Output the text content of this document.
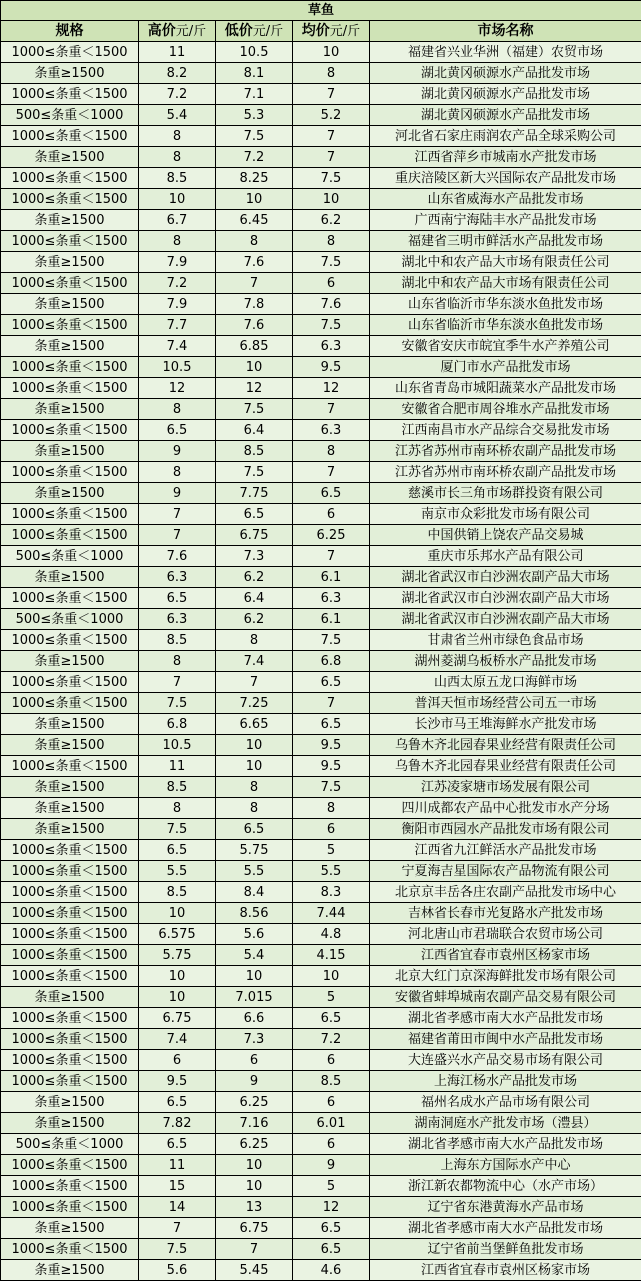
草鱼				
规格	高价元/斤	低价元/斤	均价元/斤	市场名称
1000≤条重＜1500	11	10.5	10	福建省兴业华洲（福建）农贸市场
条重≥1500	8.2	8.1	8	湖北黄冈硕源水产品批发市场
1000≤条重＜1500	7.2	7.1	7	湖北黄冈硕源水产品批发市场
500≤条重＜1000	5.4	5.3	5.2	湖北黄冈硕源水产品批发市场
1000≤条重＜1500	8	7.5	7	河北省石家庄雨润农产品全球采购公司
条重≥1500	8	7.2	7	江西省萍乡市城南水产批发市场
1000≤条重＜1500	8.5	8.25	7.5	重庆涪陵区新大兴国际农产品批发市场
1000≤条重＜1500	10	10	10	山东省威海水产品批发市场
条重≥1500	6.7	6.45	6.2	广西南宁海陆丰水产品批发市场
1000≤条重＜1500	8	8	8	福建省三明市鲜活水产品批发市场
条重≥1500	7.9	7.6	7.5	湖北中和农产品大市场有限责任公司
1000≤条重＜1500	7.2	7	6	湖北中和农产品大市场有限责任公司
条重≥1500	7.9	7.8	7.6	山东省临沂市华东淡水鱼批发市场
1000≤条重＜1500	7.7	7.6	7.5	山东省临沂市华东淡水鱼批发市场
条重≥1500	7.4	6.85	6.3	安徽省安庆市皖宜季牛水产养殖公司
1000≤条重＜1500	10.5	10	9.5	厦门市水产品批发市场
1000≤条重＜1500	12	12	12	山东省青岛市城阳蔬菜水产品批发市场
条重≥1500	8	7.5	7	安徽省合肥市周谷堆水产品批发市场
1000≤条重＜1500	6.5	6.4	6.3	江西南昌市水产品综合交易批发市场
条重≥1500	9	8.5	8	江苏省苏州市南环桥农副产品批发市场
1000≤条重＜1500	8	7.5	7	江苏省苏州市南环桥农副产品批发市场
条重≥1500	9	7.75	6.5	慈溪市长三角市场群投资有限公司
1000≤条重＜1500	7	6.5	6	南京市众彩批发市场有限公司
1000≤条重＜1500	7	6.75	6.25	中国供销上饶农产品交易城
500≤条重＜1000	7.6	7.3	7	重庆市乐邦水产品有限公司
条重≥1500	6.3	6.2	6.1	湖北省武汉市白沙洲农副产品大市场
1000≤条重＜1500	6.5	6.4	6.3	湖北省武汉市白沙洲农副产品大市场
500≤条重＜1000	6.3	6.2	6.1	湖北省武汉市白沙洲农副产品大市场
1000≤条重＜1500	8.5	8	7.5	甘肃省兰州市绿色食品市场
条重≥1500	8	7.4	6.8	湖州菱湖乌板桥水产品批发市场
1000≤条重＜1500	7	7	6.5	山西太原五龙口海鲜市场
1000≤条重＜1500	7.5	7.25	7	普洱天恒市场经营公司五一市场
条重≥1500	6.8	6.65	6.5	长沙市马王堆海鲜水产批发市场
条重≥1500	10.5	10	9.5	乌鲁木齐北园春果业经营有限责任公司
1000≤条重＜1500	11	10	9.5	乌鲁木齐北园春果业经营有限责任公司
条重≥1500	8.5	8	7.5	江苏凌家塘市场发展有限公司
条重≥1500	8	8	8	四川成都农产品中心批发市水产分场
条重≥1500	7.5	6.5	6	衡阳市西园水产品批发市场有限公司
1000≤条重＜1500	6.5	5.75	5	江西省九江鲜活水产品批发市场
1000≤条重＜1500	5.5	5.5	5.5	宁夏海吉星国际农产品物流有限公司
1000≤条重＜1500	8.5	8.4	8.3	北京京丰岳各庄农副产品批发市场中心
1000≤条重＜1500	10	8.56	7.44	吉林省长春市光复路水产批发市场
1000≤条重＜1500	6.575	5.6	4.8	河北唐山市君瑞联合农贸市场公司
1000≤条重＜1500	5.75	5.4	4.15	江西省宜春市袁州区杨家市场
1000≤条重＜1500	10	10	10	北京大红门京深海鲜批发市场有限公司
条重≥1500	10	7.015	5	安徽省蚌埠城南农副产品交易有限公司
1000≤条重＜1500	6.75	6.6	6.5	湖北省孝感市南大水产品批发市场
1000≤条重＜1500	7.4	7.3	7.2	福建省莆田市闽中水产品批发市场
1000≤条重＜1500	6	6	6	大连盛兴水产品交易市场有限公司
1000≤条重＜1500	9.5	9	8.5	上海江杨水产品批发市场
条重≥1500	6.5	6.25	6	福州名成水产品市场有限公司
条重≥1500	7.82	7.16	6.01	湖南洞庭水产批发市场（澧县）
500≤条重＜1000	6.5	6.25	6	湖北省孝感市南大水产品批发市场
1000≤条重＜1500	11	10	9	上海东方国际水产中心
1000≤条重＜1500	15	10	5	浙江新农都物流中心（水产市场）
1000≤条重＜1500	14	13	12	辽宁省东港黄海水产品市场
条重≥1500	7	6.75	6.5	湖北省孝感市南大水产品批发市场
1000≤条重＜1500	7.5	7	6.5	辽宁省前当堡鲜鱼批发市场
条重≥1500	5.6	5.45	4.6	江西省宜春市袁州区杨家市场
